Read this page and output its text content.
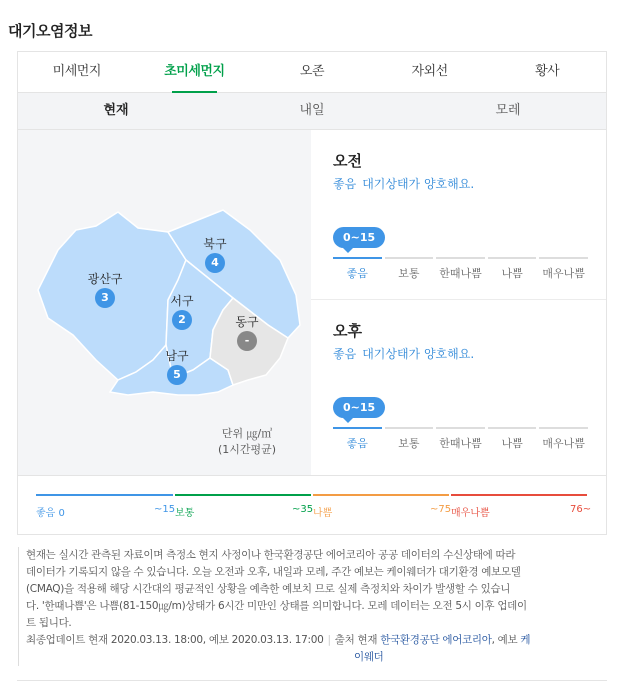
대기오염정보
미세먼지	초미세먼지	오존	자외선	황사
현재	내일	모레
북구
4
광산구
3	서구
2	동구
-
남구
5
단위 ㎍/㎥
(1시간평균)
오전
좋음 대기상태가 양호해요.
0~15
좋음	보통	한때나쁨	나쁨	매우나쁨
오후
좋음 대기상태가 양호해요.
0~15
좋음	보통	한때나쁨	나쁨	매우나쁨
좋음 0	~15 보통	~35 나쁨	~75 매우나쁨	76~
현재는 실시간 관측된 자료이며 측정소 현지 사정이나 한국환경공단 에어코리아 공공 데이터의 수신상태에 따라
데이터가 기록되지 않을 수 있습니다. 오늘 오전과 오후, 내일과 모레, 주간 예보는 케이웨더가 대기환경 예보모델
(CMAQ)을 적용해 해당 시간대의 평균적인 상황을 예측한 예보치 므로 실제 측정치와 차이가 발생할 수 있습니
다. '한때나쁨'은 나쁨(81-150㎍/m)상태가 6시간 미만인 상태를 의미합니다. 모레 데이터는 오전 5시 이후 업데이
트 됩니다.
최종업데이트 현재 2020.03.13. 18:00, 예보 2020.03.13. 17:00 | 출처 현재 한국환경공단 에어코리아, 예보 케
이웨더
